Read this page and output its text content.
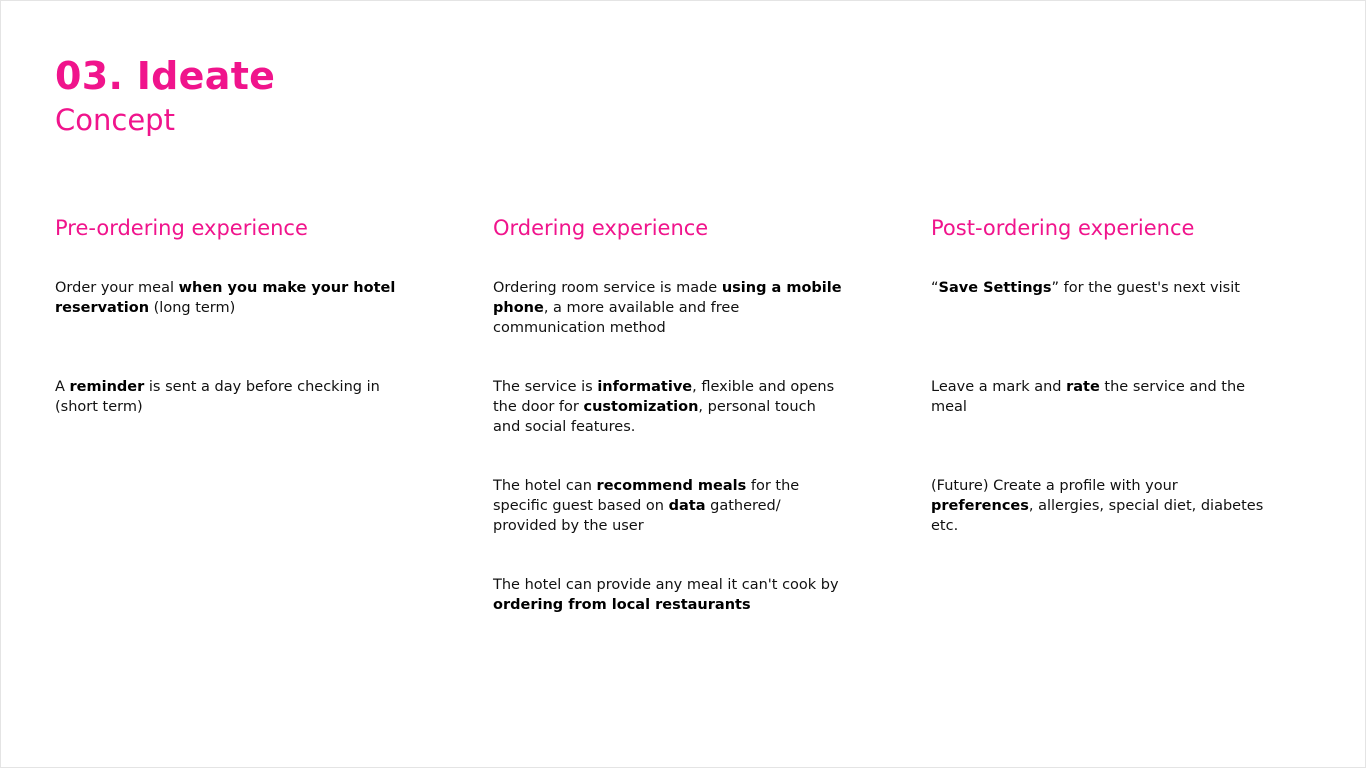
03. Ideate
Concept
Pre-ordering experience

Order your meal when you make your hotel reservation (long term)

A reminder is sent a day before checking in (short term)

Ordering experience

Ordering room service is made using a mobile phone, a more available and free communication method

The service is informative, flexible and opens the door for customization, personal touch and social features.

The hotel can recommend meals for the specific guest based on data gathered/ provided by the user

The hotel can provide any meal it can't cook by ordering from local restaurants

Post-ordering experience

“Save Settings” for the guest's next visit

Leave a mark and rate the service and the meal

(Future) Create a profile with your preferences, allergies, special diet, diabetes etc.
